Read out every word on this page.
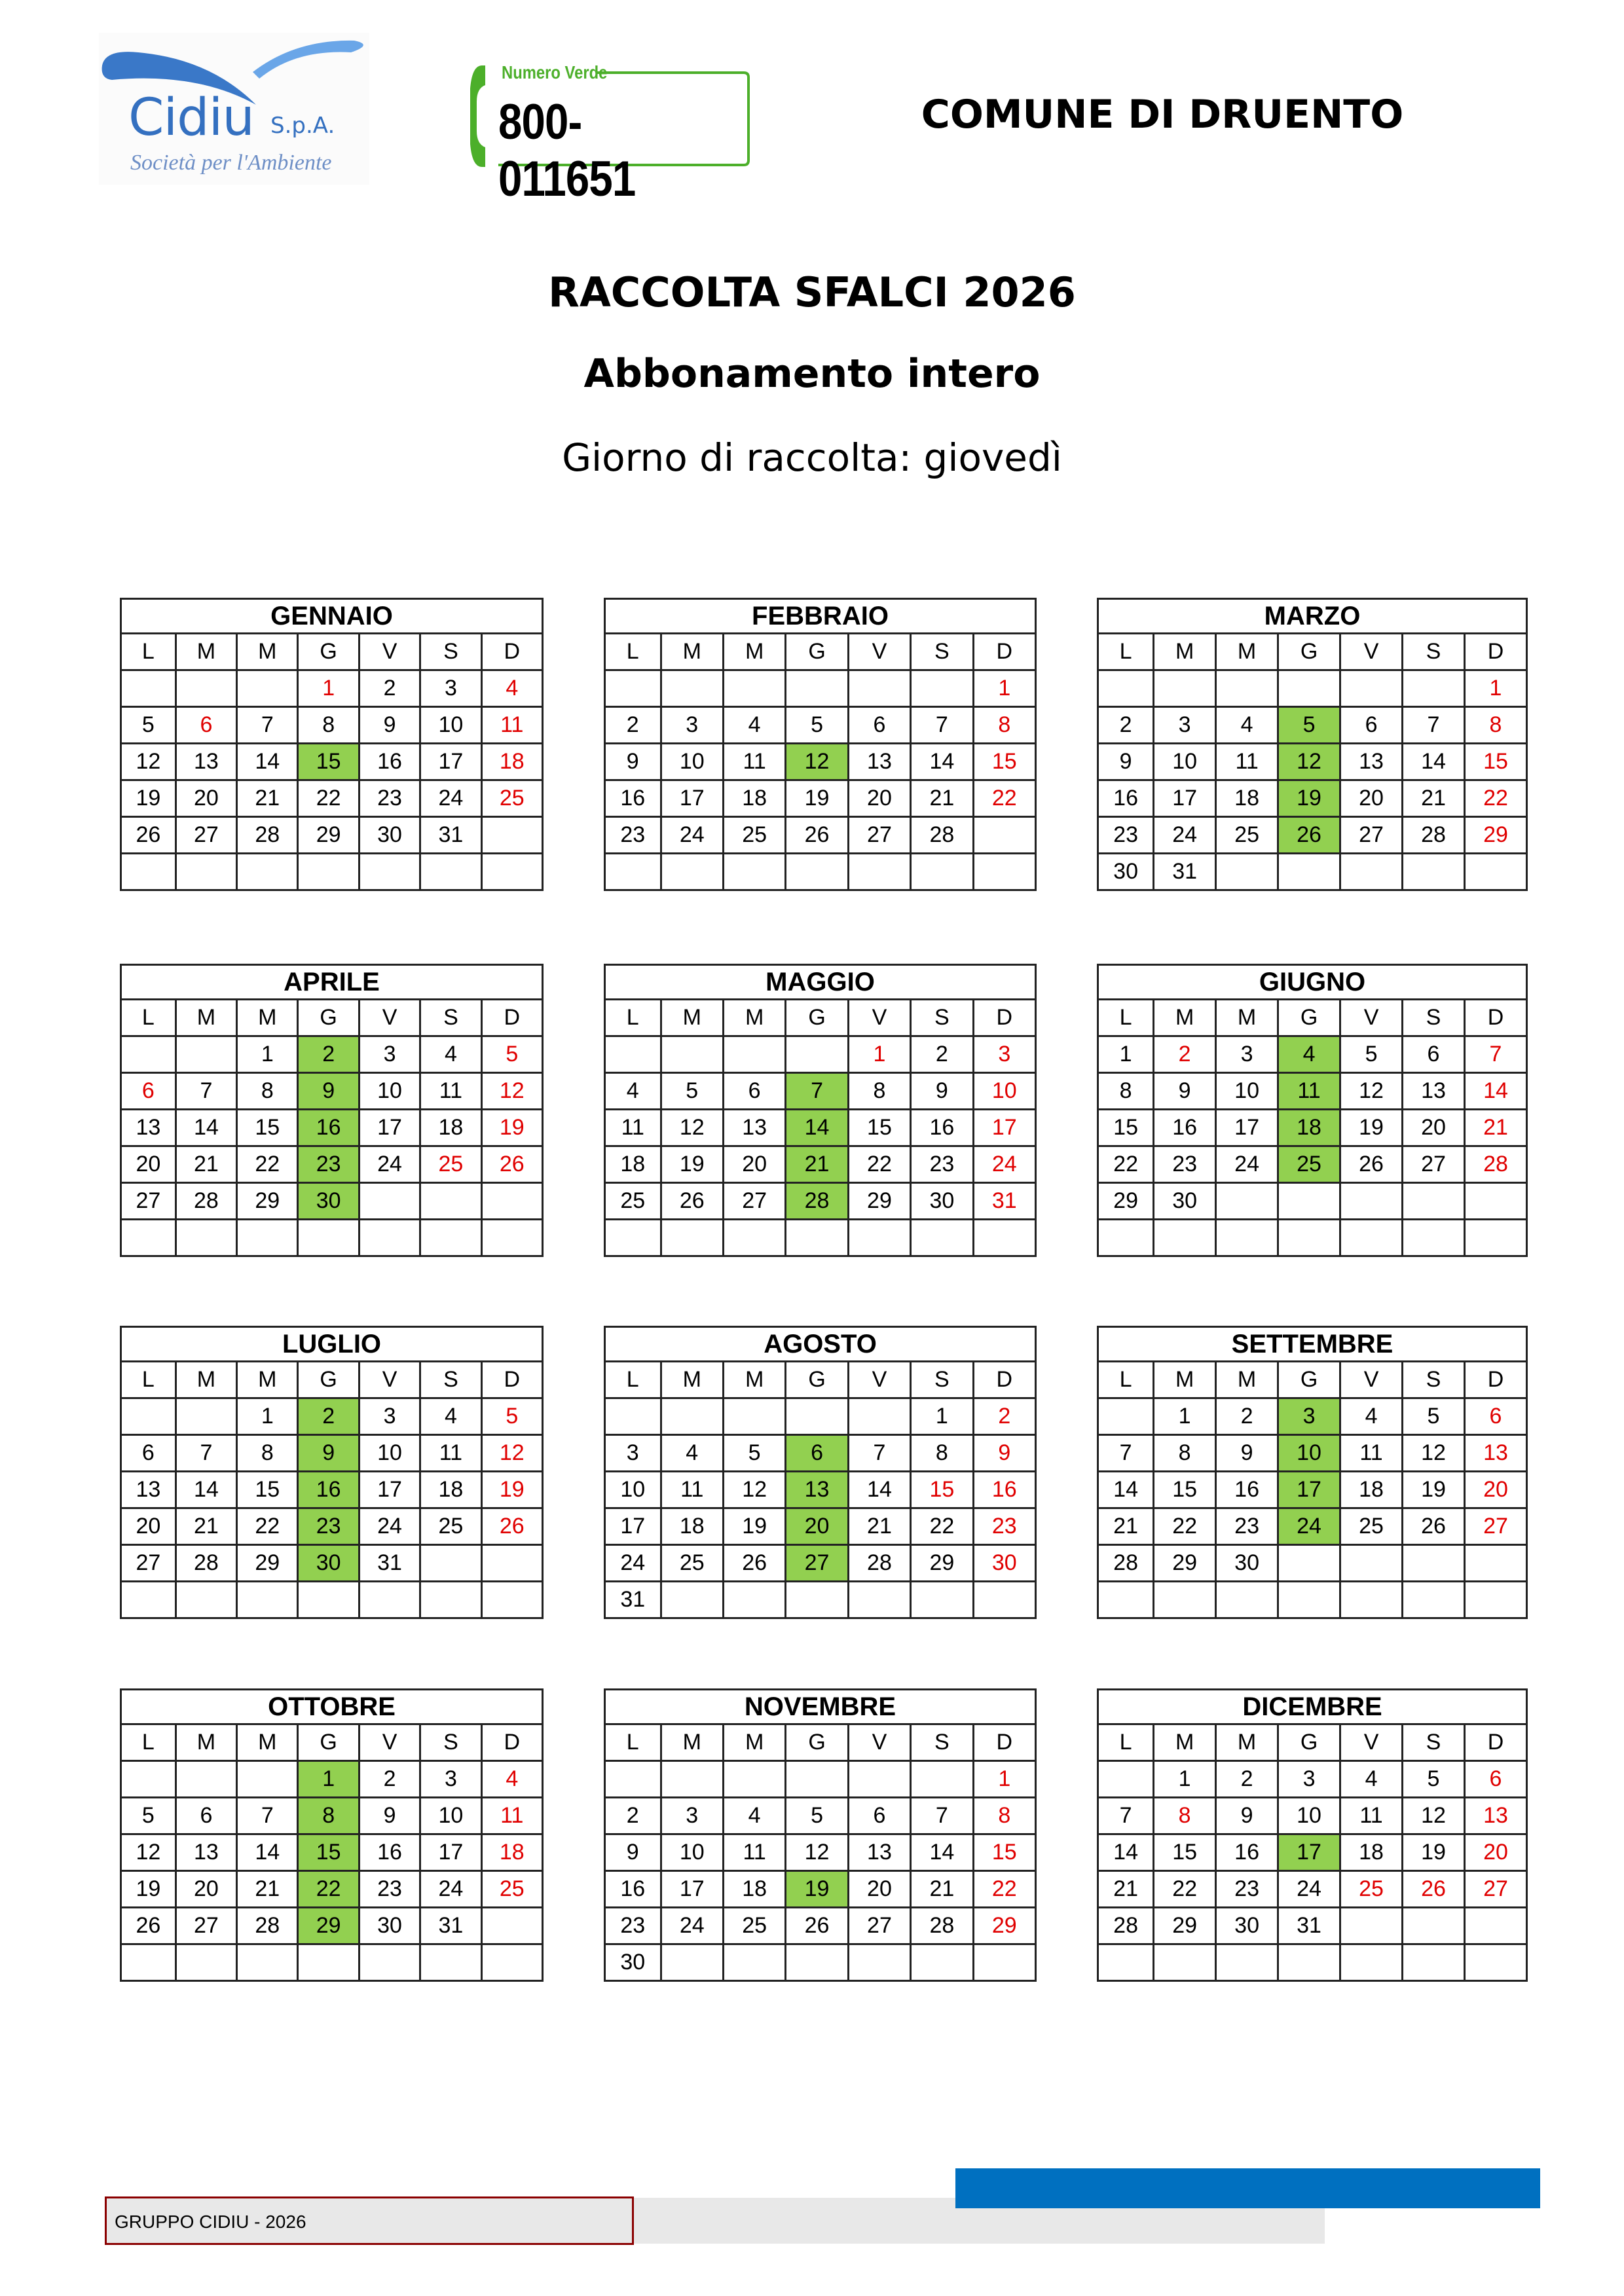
Cidiu S.p.A.
Società per l'Ambiente
Numero Verde
800-011651
COMUNE DI DRUENTO
RACCOLTA SFALCI 2026
Abbonamento intero
Giorno di raccolta: giovedì
GENNAIO						
L	M	M	G	V	S	D
			1	2	3	4
5	6	7	8	9	10	11
12	13	14	15	16	17	18
19	20	21	22	23	24	25
26	27	28	29	30	31	

FEBBRAIO						
L	M	M	G	V	S	D
						1
2	3	4	5	6	7	8
9	10	11	12	13	14	15
16	17	18	19	20	21	22
23	24	25	26	27	28	

MARZO						
L	M	M	G	V	S	D
						1
2	3	4	5	6	7	8
9	10	11	12	13	14	15
16	17	18	19	20	21	22
23	24	25	26	27	28	29
30	31					
APRILE						
L	M	M	G	V	S	D
		1	2	3	4	5
6	7	8	9	10	11	12
13	14	15	16	17	18	19
20	21	22	23	24	25	26
27	28	29	30			

MAGGIO						
L	M	M	G	V	S	D
				1	2	3
4	5	6	7	8	9	10
11	12	13	14	15	16	17
18	19	20	21	22	23	24
25	26	27	28	29	30	31

GIUGNO						
L	M	M	G	V	S	D
1	2	3	4	5	6	7
8	9	10	11	12	13	14
15	16	17	18	19	20	21
22	23	24	25	26	27	28
29	30					

LUGLIO						
L	M	M	G	V	S	D
		1	2	3	4	5
6	7	8	9	10	11	12
13	14	15	16	17	18	19
20	21	22	23	24	25	26
27	28	29	30	31		

AGOSTO						
L	M	M	G	V	S	D
					1	2
3	4	5	6	7	8	9
10	11	12	13	14	15	16
17	18	19	20	21	22	23
24	25	26	27	28	29	30
31						
SETTEMBRE						
L	M	M	G	V	S	D
	1	2	3	4	5	6
7	8	9	10	11	12	13
14	15	16	17	18	19	20
21	22	23	24	25	26	27
28	29	30				

OTTOBRE						
L	M	M	G	V	S	D
			1	2	3	4
5	6	7	8	9	10	11
12	13	14	15	16	17	18
19	20	21	22	23	24	25
26	27	28	29	30	31	

NOVEMBRE						
L	M	M	G	V	S	D
						1
2	3	4	5	6	7	8
9	10	11	12	13	14	15
16	17	18	19	20	21	22
23	24	25	26	27	28	29
30						
DICEMBRE						
L	M	M	G	V	S	D
	1	2	3	4	5	6
7	8	9	10	11	12	13
14	15	16	17	18	19	20
21	22	23	24	25	26	27
28	29	30	31			

GRUPPO CIDIU - 2026
